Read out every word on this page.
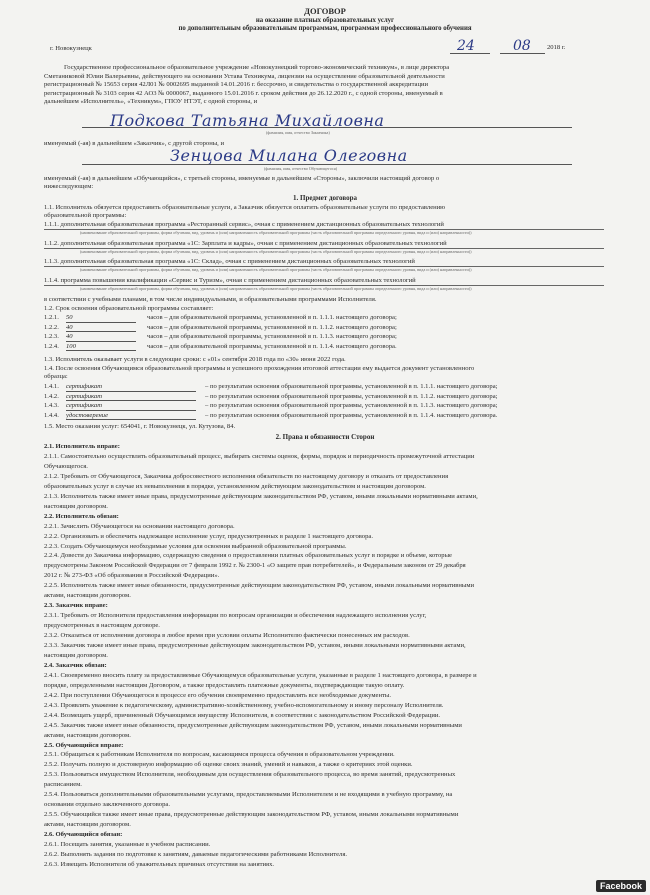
ДОГОВОР
на оказание платных образовательных услуг
по дополнительным образовательным программам, программам профессионального обучения
г. Новокузнецк	24	08 2018 г.
Государственное профессиональное образовательное учреждение «Новокузнецкий торгово-экономический техникум», в лице директора
Сметаниковой Юлии Валерьевны, действующего на основании Устава Техникума, лицензии на осуществление образовательной деятельности
регистрационный № 15653 серия 42Л01 № 0002695 выданной 14.01.2016 г. бессрочно, и свидетельства о государственной аккредитации
регистрационный № 3103 серия 42 АО3 № 0000067, выданного 15.01.2016 г. сроком действия до 26.12.2020 г., с одной стороны, именуемый в
дальнейшем «Исполнитель», «Техникум», ГПОУ НТЭТ, с одной стороны, и
Подкова Татьяна Михайловна
(фамилия, имя, отчество Заказчика)
именуемый (-ая) в дальнейшем «Заказчик», с другой стороны, и
Зенцова Милана Олеговна
(фамилия, имя, отчество Обучающегося)
именуемый (-ая) в дальнейшем «Обучающийся», с третьей стороны, именуемые в дальнейшем «Стороны», заключили настоящий договор о
нижеследующем:
1. Предмет договора
1.1. Исполнитель обязуется предоставить образовательные услуги, а Заказчик обязуется оплатить образовательные услуги по предоставлению
образовательной программы:
1.1.1. дополнительная образовательная программа «Ресторанный сервис», очная с применением дистанционных образовательных технологий
(наименование образовательной программы, форма обучения, вид, уровень и (или) направленность образовательной программы (часть образовательной программы определенного уровня, вида и (или) направленности))
1.1.2. дополнительная образовательная программа «1С: Зарплата и кадры», очная с применением дистанционных образовательных технологий
(наименование образовательной программы, форма обучения, вид, уровень и (или) направленность образовательной программы (часть образовательной программы определенного уровня, вида и (или) направленности))
1.1.3. дополнительная образовательная программа «1С: Склад», очная с применением дистанционных образовательных технологий
(наименование образовательной программы, форма обучения, вид, уровень и (или) направленность образовательной программы (часть образовательной программы определенного уровня, вида и (или) направленности))
1.1.4. программа повышения квалификации «Сервис и Туризм», очная с применением дистанционных образовательных технологий
(наименование образовательной программы, форма обучения, вид, уровень и (или) направленность образовательной программы (часть образовательной программы определенного уровня, вида и (или) направленности))
в соответствии с учебными планами, в том числе индивидуальными, и образовательными программами Исполнителя.
1.2. Срок освоения образовательной программы составляет:
1.2.1. 50	часов – для образовательной программы, установленной в п. 1.1.1. настоящего договора;
1.2.2. 40	часов – для образовательной программы, установленной в п. 1.1.2. настоящего договора;
1.2.3. 40	часов – для образовательной программы, установленной в п. 1.1.3. настоящего договора;
1.2.4. 100	часов – для образовательной программы, установленной в п. 1.1.4. настоящего договора.
1.3. Исполнитель оказывает услуги в следующие сроки: с «01» сентября 2018 года по «30» июня 2022 года.
1.4. После освоения Обучающимся образовательной программы и успешного прохождения итоговой аттестации ему выдается документ установленного
образца:
1.4.1. сертификат	– по результатам освоения образовательной программы, установленной в п. 1.1.1. настоящего договора;
1.4.2. сертификат	– по результатам освоения образовательной программы, установленной в п. 1.1.2. настоящего договора;
1.4.3. сертификат	– по результатам освоения образовательной программы, установленной в п. 1.1.3. настоящего договора;
1.4.4. удостоверение	– по результатам освоения образовательной программы, установленной в п. 1.1.4. настоящего договора.
1.5. Место оказания услуг: 654041, г. Новокузнецк, ул. Кутузова, 84.
2. Права и обязанности Сторон
2.1. Исполнитель вправе:
2.1.1. Самостоятельно осуществлять образовательный процесс, выбирать системы оценок, формы, порядок и периодичность промежуточной аттестации
Обучающегося.
2.1.2. Требовать от Обучающегося, Заказчика добросовестного исполнения обязательств по настоящему договору и отказать от предоставления
образовательных услуг в случае их невыполнения в порядке, установленном действующим законодательством и настоящим договором.
2.1.3. Исполнитель также имеет иные права, предусмотренные действующим законодательством РФ, уставом, иными локальными нормативными актами,
настоящим договором.
2.2. Исполнитель обязан:
2.2.1. Зачислить Обучающегося на основании настоящего договора.
2.2.2. Организовать и обеспечить надлежащее исполнение услуг, предусмотренных в разделе 1 настоящего договора.
2.2.3. Создать Обучающемуся необходимые условия для освоения выбранной образовательной программы.
2.2.4. Довести до Заказчика информацию, содержащую сведения о предоставлении платных образовательных услуг в порядке и объеме, которые
предусмотрены Законом Российской Федерации от 7 февраля 1992 г. № 2300-1 «О защите прав потребителей», и Федеральным законом от 29 декабря
2012 г. № 273-ФЗ «Об образовании в Российской Федерации».
2.2.5. Исполнитель также имеет иные обязанности, предусмотренные действующим законодательством РФ, уставом, иными локальными нормативными
актами, настоящим договором.
2.3. Заказчик вправе:
2.3.1. Требовать от Исполнителя предоставления информации по вопросам организации и обеспечения надлежащего исполнения услуг,
предусмотренных в настоящем договоре.
2.3.2. Отказаться от исполнения договора в любое время при условии оплаты Исполнителю фактически понесенных им расходов.
2.3.3. Заказчик также имеет иные права, предусмотренные действующим законодательством РФ, уставом, иными локальными нормативными актами,
настоящим договором.
2.4. Заказчик обязан:
2.4.1. Своевременно вносить плату за предоставляемые Обучающемуся образовательные услуги, указанные в разделе 1 настоящего договора, в размере и
порядке, определенными настоящим Договором, а также предоставлять платежные документы, подтверждающие такую оплату.
2.4.2. При поступлении Обучающегося в процессе его обучения своевременно предоставлять все необходимые документы.
2.4.3. Проявлять уважение к педагогическому, административно-хозяйственному, учебно-вспомогательному и иному персоналу Исполнителя.
2.4.4. Возмещать ущерб, причиненный Обучающимся имуществу Исполнителя, в соответствии с законодательством Российской Федерации.
2.4.5. Заказчик также имеет иные обязанности, предусмотренные действующим законодательством РФ, уставом, иными локальными нормативными
актами, настоящим договором.
2.5. Обучающийся вправе:
2.5.1. Обращаться к работникам Исполнителя по вопросам, касающимся процесса обучения в образовательном учреждении.
2.5.2. Получать полную и достоверную информацию об оценке своих знаний, умений и навыков, а также о критериях этой оценки.
2.5.3. Пользоваться имуществом Исполнителя, необходимым для осуществления образовательного процесса, во время занятий, предусмотренных
расписанием.
2.5.4. Пользоваться дополнительными образовательными услугами, предоставляемыми Исполнителем и не входящими в учебную программу, на
основании отдельно заключенного договора.
2.5.5. Обучающийся также имеет иные права, предусмотренные действующим законодательством РФ, уставом, иными локальными нормативными
актами, настоящим договором.
2.6. Обучающийся обязан:
2.6.1. Посещать занятия, указанные в учебном расписании.
2.6.2. Выполнять задания по подготовке к занятиям, даваемые педагогическими работниками Исполнителя.
2.6.3. Извещать Исполнителя об уважительных причинах отсутствия на занятиях.
Facebook
